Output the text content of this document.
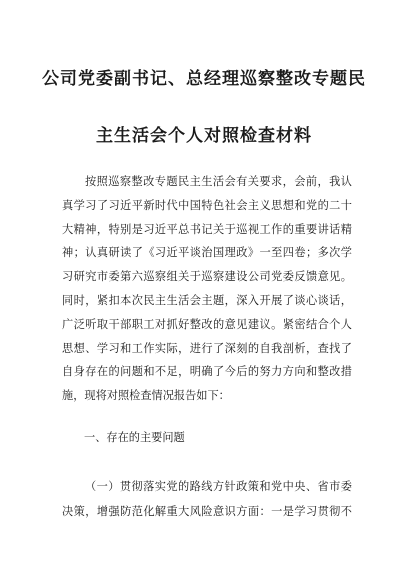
公司党委副书记、总经理巡察整改专题民
主生活会个人对照检查材料
按照巡察整改专题民主生活会有关要求，会前，我认
真学习了习近平新时代中国特色社会主义思想和党的二十
大精神，特别是习近平总书记关于巡视工作的重要讲话精
神；认真研读了《习近平谈治国理政》一至四卷；多次学
习研究市委第六巡察组关于巡察建设公司党委反馈意见。
同时，紧扣本次民主生活会主题，深入开展了谈心谈话，
广泛听取干部职工对抓好整改的意见建议。紧密结合个人
思想、学习和工作实际，进行了深刻的自我剖析，查找了
自身存在的问题和不足，明确了今后的努力方向和整改措
施，现将对照检查情况报告如下：
一、存在的主要问题
（一）贯彻落实党的路线方针政策和党中央、省市委
决策，增强防范化解重大风险意识方面：一是学习贯彻不
